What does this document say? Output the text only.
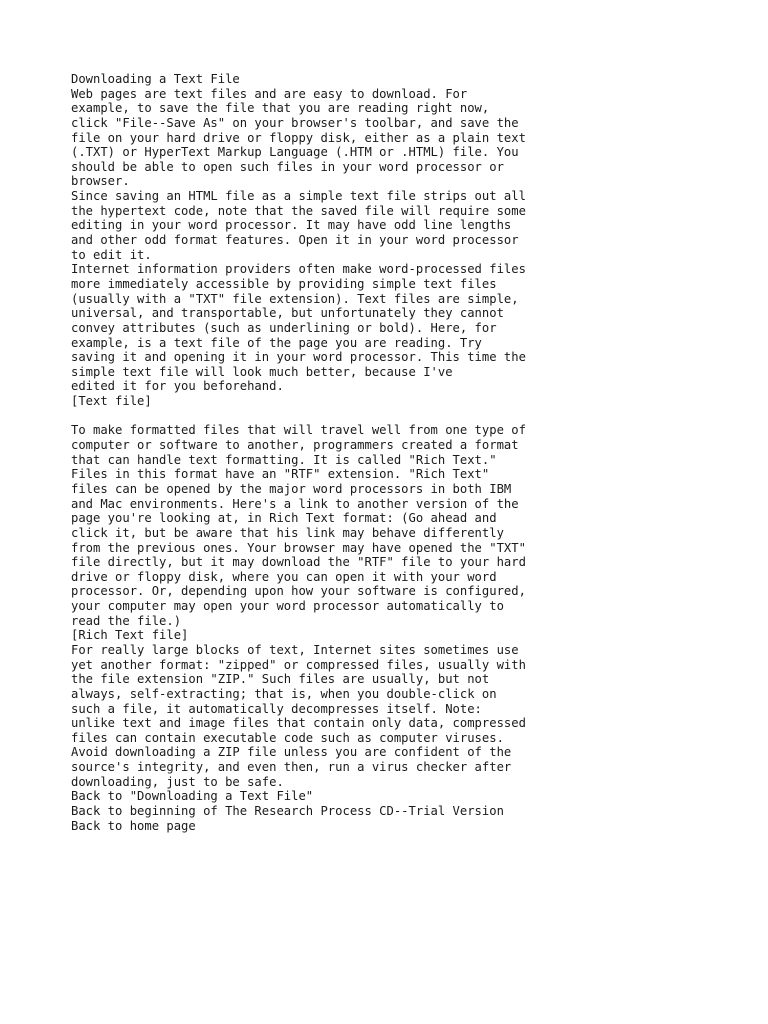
Downloading a Text File
Web pages are text files and are easy to download. For
example, to save the file that you are reading right now,
click "File--Save As" on your browser's toolbar, and save the
file on your hard drive or floppy disk, either as a plain text
(.TXT) or HyperText Markup Language (.HTM or .HTML) file. You
should be able to open such files in your word processor or
browser.
Since saving an HTML file as a simple text file strips out all
the hypertext code, note that the saved file will require some
editing in your word processor. It may have odd line lengths
and other odd format features. Open it in your word processor
to edit it.
Internet information providers often make word-processed files
more immediately accessible by providing simple text files
(usually with a "TXT" file extension). Text files are simple,
universal, and transportable, but unfortunately they cannot
convey attributes (such as underlining or bold). Here, for
example, is a text file of the page you are reading. Try
saving it and opening it in your word processor. This time the
simple text file will look much better, because I've
edited it for you beforehand.
[Text file]
To make formatted files that will travel well from one type of
computer or software to another, programmers created a format
that can handle text formatting. It is called "Rich Text."
Files in this format have an "RTF" extension. "Rich Text"
files can be opened by the major word processors in both IBM
and Mac environments. Here's a link to another version of the
page you're looking at, in Rich Text format: (Go ahead and
click it, but be aware that his link may behave differently
from the previous ones. Your browser may have opened the "TXT"
file directly, but it may download the "RTF" file to your hard
drive or floppy disk, where you can open it with your word
processor. Or, depending upon how your software is configured,
your computer may open your word processor automatically to
read the file.)
[Rich Text file]
For really large blocks of text, Internet sites sometimes use
yet another format: "zipped" or compressed files, usually with
the file extension "ZIP." Such files are usually, but not
always, self-extracting; that is, when you double-click on
such a file, it automatically decompresses itself. Note:
unlike text and image files that contain only data, compressed
files can contain executable code such as computer viruses.
Avoid downloading a ZIP file unless you are confident of the
source's integrity, and even then, run a virus checker after
downloading, just to be safe.
Back to "Downloading a Text File"
Back to beginning of The Research Process CD--Trial Version
Back to home page
